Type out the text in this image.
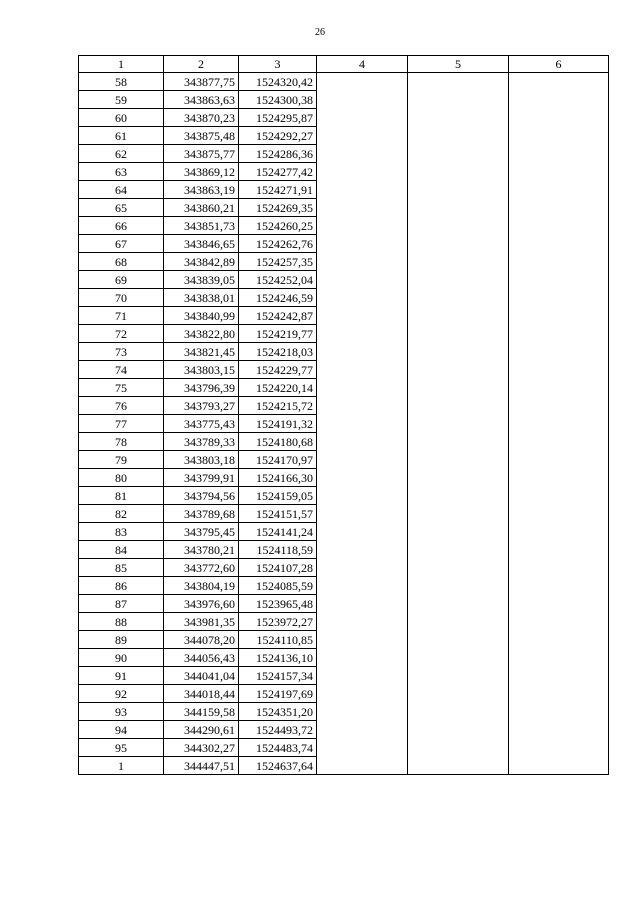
26
1	2	3	4	5	6
58	343877,75	1524320,42			
59	343863,63	1524300,38			
60	343870,23	1524295,87			
61	343875,48	1524292,27			
62	343875,77	1524286,36			
63	343869,12	1524277,42			
64	343863,19	1524271,91			
65	343860,21	1524269,35			
66	343851,73	1524260,25			
67	343846,65	1524262,76			
68	343842,89	1524257,35			
69	343839,05	1524252,04			
70	343838,01	1524246,59			
71	343840,99	1524242,87			
72	343822,80	1524219,77			
73	343821,45	1524218,03			
74	343803,15	1524229,77			
75	343796,39	1524220,14			
76	343793,27	1524215,72			
77	343775,43	1524191,32			
78	343789,33	1524180,68			
79	343803,18	1524170,97			
80	343799,91	1524166,30			
81	343794,56	1524159,05			
82	343789,68	1524151,57			
83	343795,45	1524141,24			
84	343780,21	1524118,59			
85	343772,60	1524107,28			
86	343804,19	1524085,59			
87	343976,60	1523965,48			
88	343981,35	1523972,27			
89	344078,20	1524110,85			
90	344056,43	1524136,10			
91	344041,04	1524157,34			
92	344018,44	1524197,69			
93	344159,58	1524351,20			
94	344290,61	1524493,72			
95	344302,27	1524483,74			
1	344447,51	1524637,64			
